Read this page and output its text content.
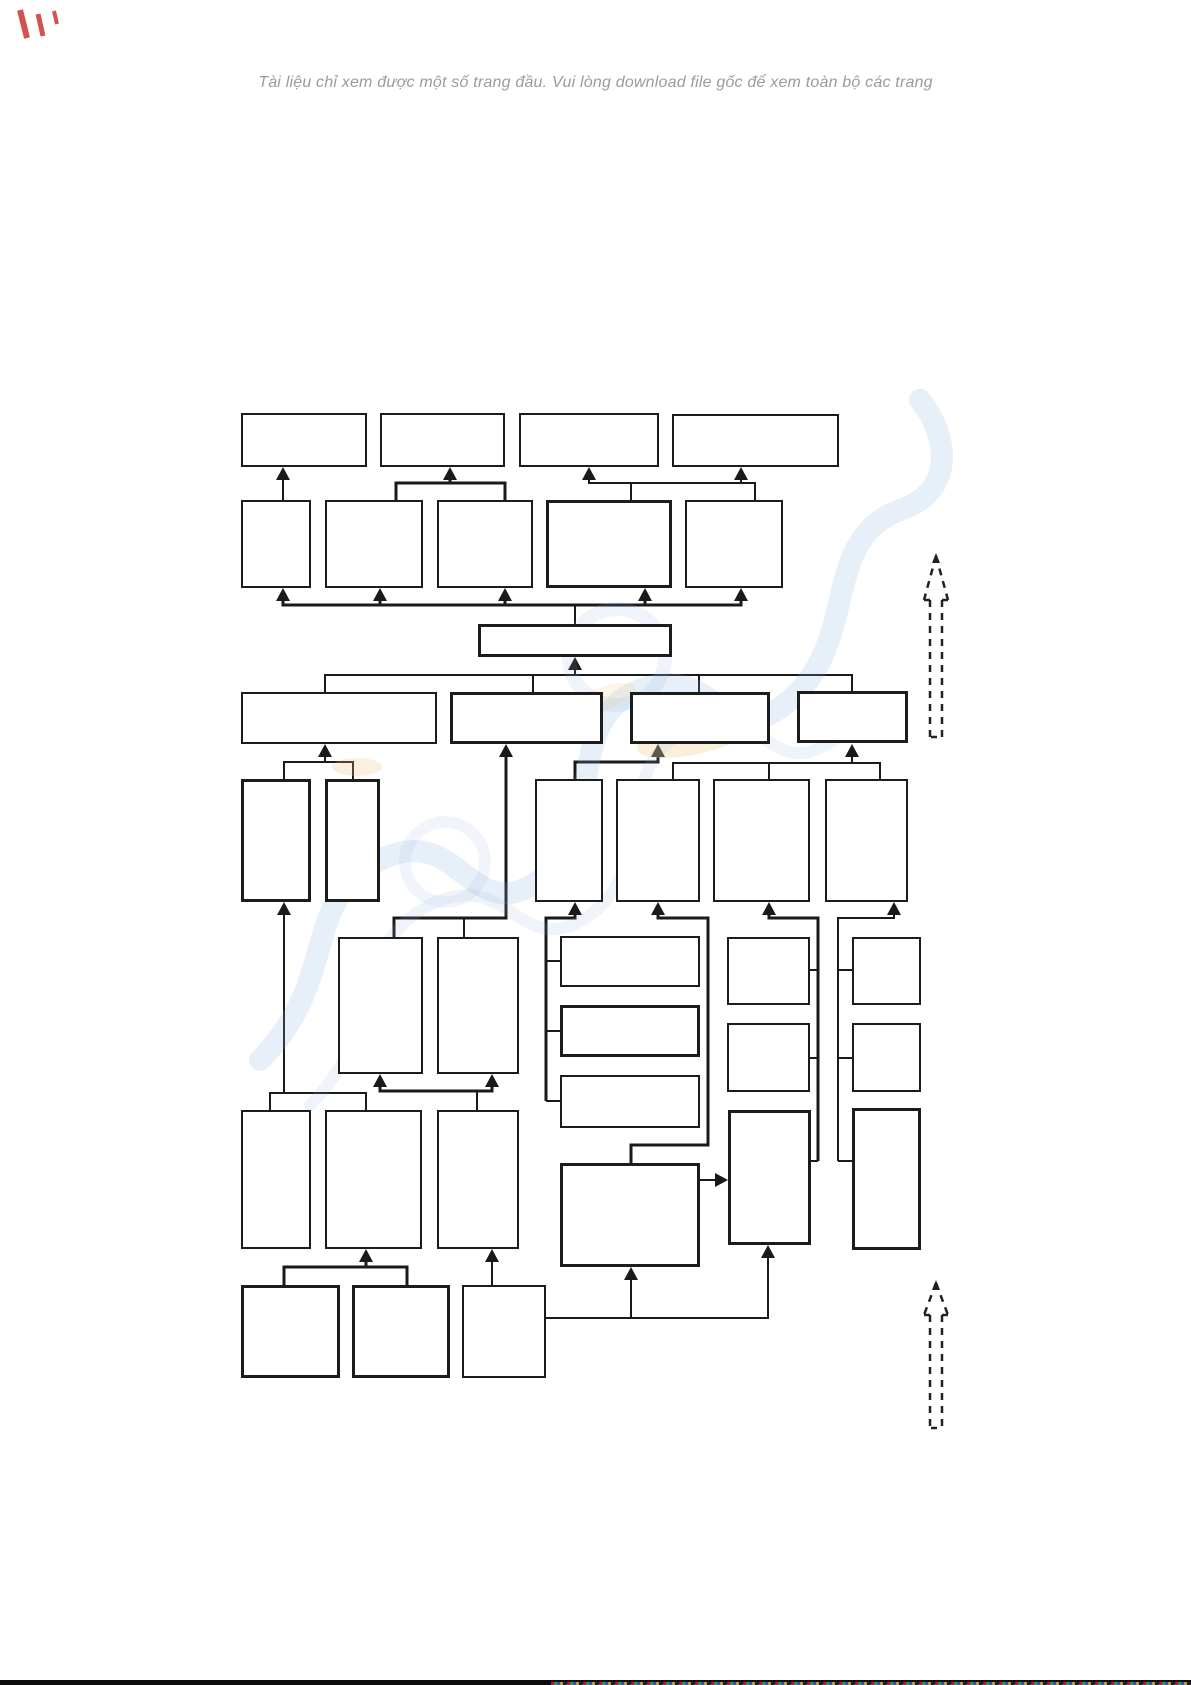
Tài liệu chỉ xem được một số trang đầu. Vui lòng download file gốc để xem toàn bộ các trang
